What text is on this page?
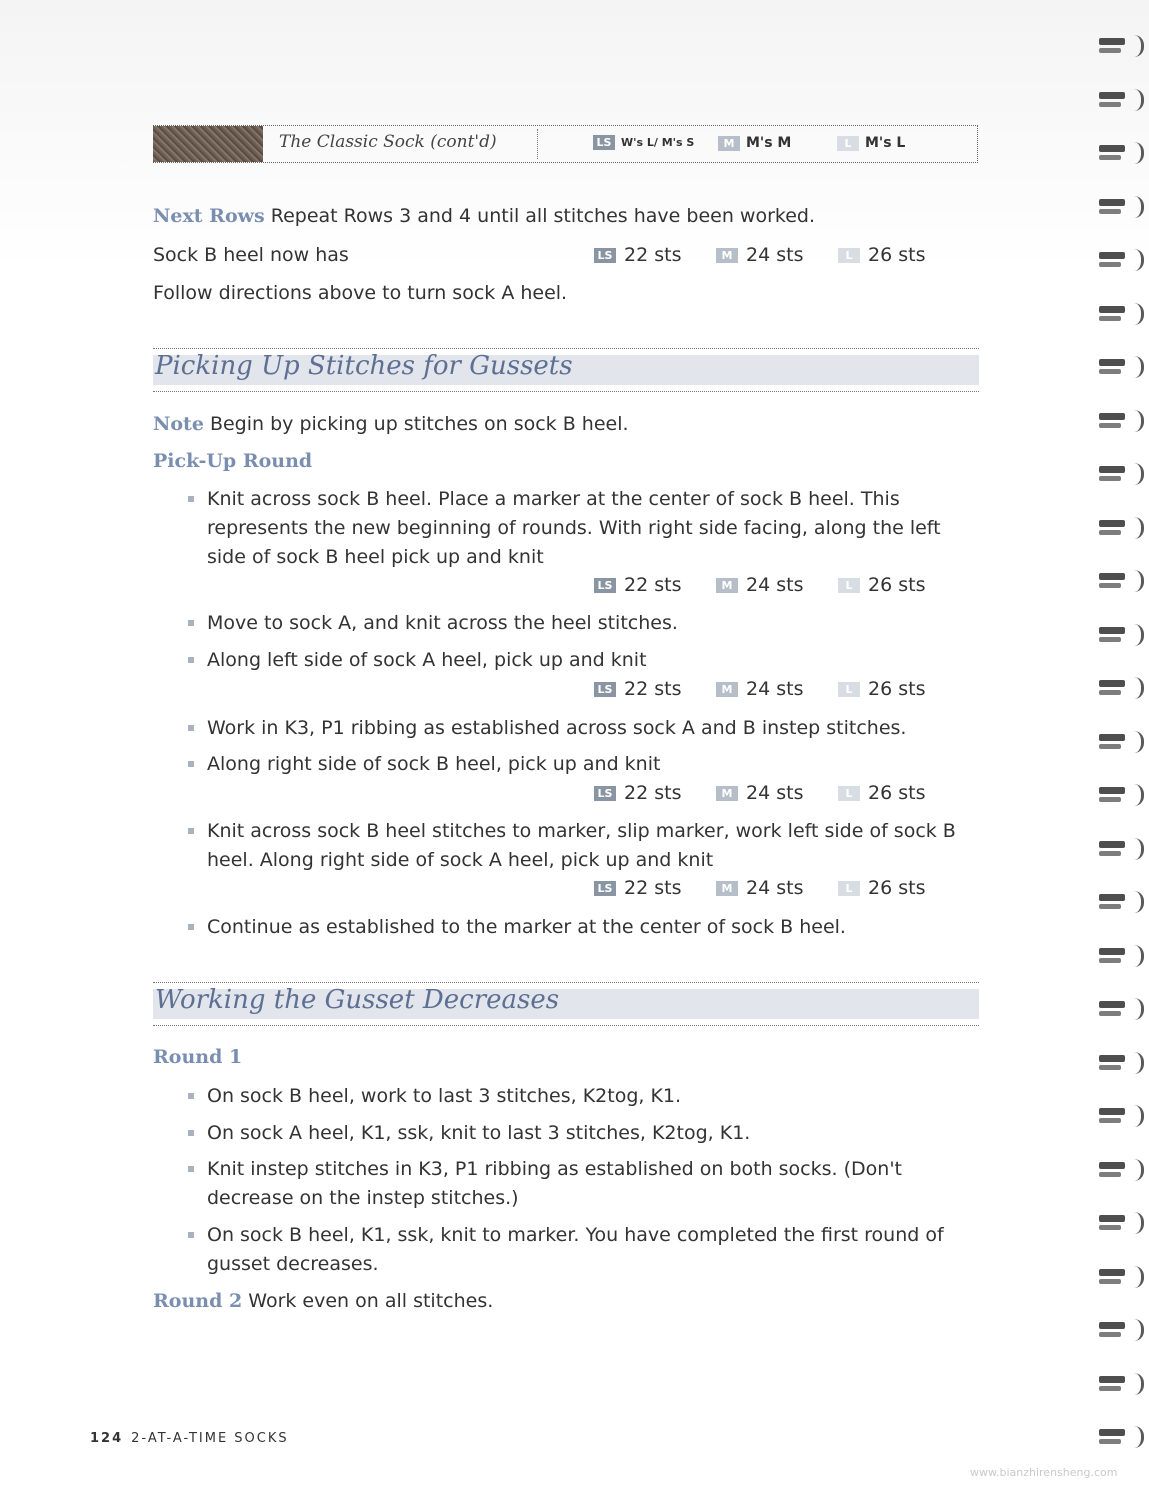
The Classic Sock (cont'd)	LS W's L/ M's S	M M's M	L M's L
Next Rows Repeat Rows 3 and 4 until all stitches have been worked.
Sock B heel now has	LS 22 sts	M 24 sts	L 26 sts
Follow directions above to turn sock A heel.
Picking Up Stitches for Gussets
Note Begin by picking up stitches on sock B heel.
Pick-Up Round
Knit across sock B heel. Place a marker at the center of sock B heel. This represents the new beginning of rounds. With right side facing, along the left side of sock B heel pick up and knit
LS 22 sts	M 24 sts	L 26 sts
Move to sock A, and knit across the heel stitches.
Along left side of sock A heel, pick up and knit
LS 22 sts	M 24 sts	L 26 sts
Work in K3, P1 ribbing as established across sock A and B instep stitches.
Along right side of sock B heel, pick up and knit
LS 22 sts	M 24 sts	L 26 sts
Knit across sock B heel stitches to marker, slip marker, work left side of sock B heel. Along right side of sock A heel, pick up and knit
LS 22 sts	M 24 sts	L 26 sts
Continue as established to the marker at the center of sock B heel.
Working the Gusset Decreases
Round 1
On sock B heel, work to last 3 stitches, K2tog, K1.
On sock A heel, K1, ssk, knit to last 3 stitches, K2tog, K1.
Knit instep stitches in K3, P1 ribbing as established on both socks. (Don't decrease on the instep stitches.)
On sock B heel, K1, ssk, knit to marker. You have completed the first round of gusset decreases.
Round 2 Work even on all stitches.
124 2-AT-A-TIME SOCKS
www.bianzhirensheng.com
